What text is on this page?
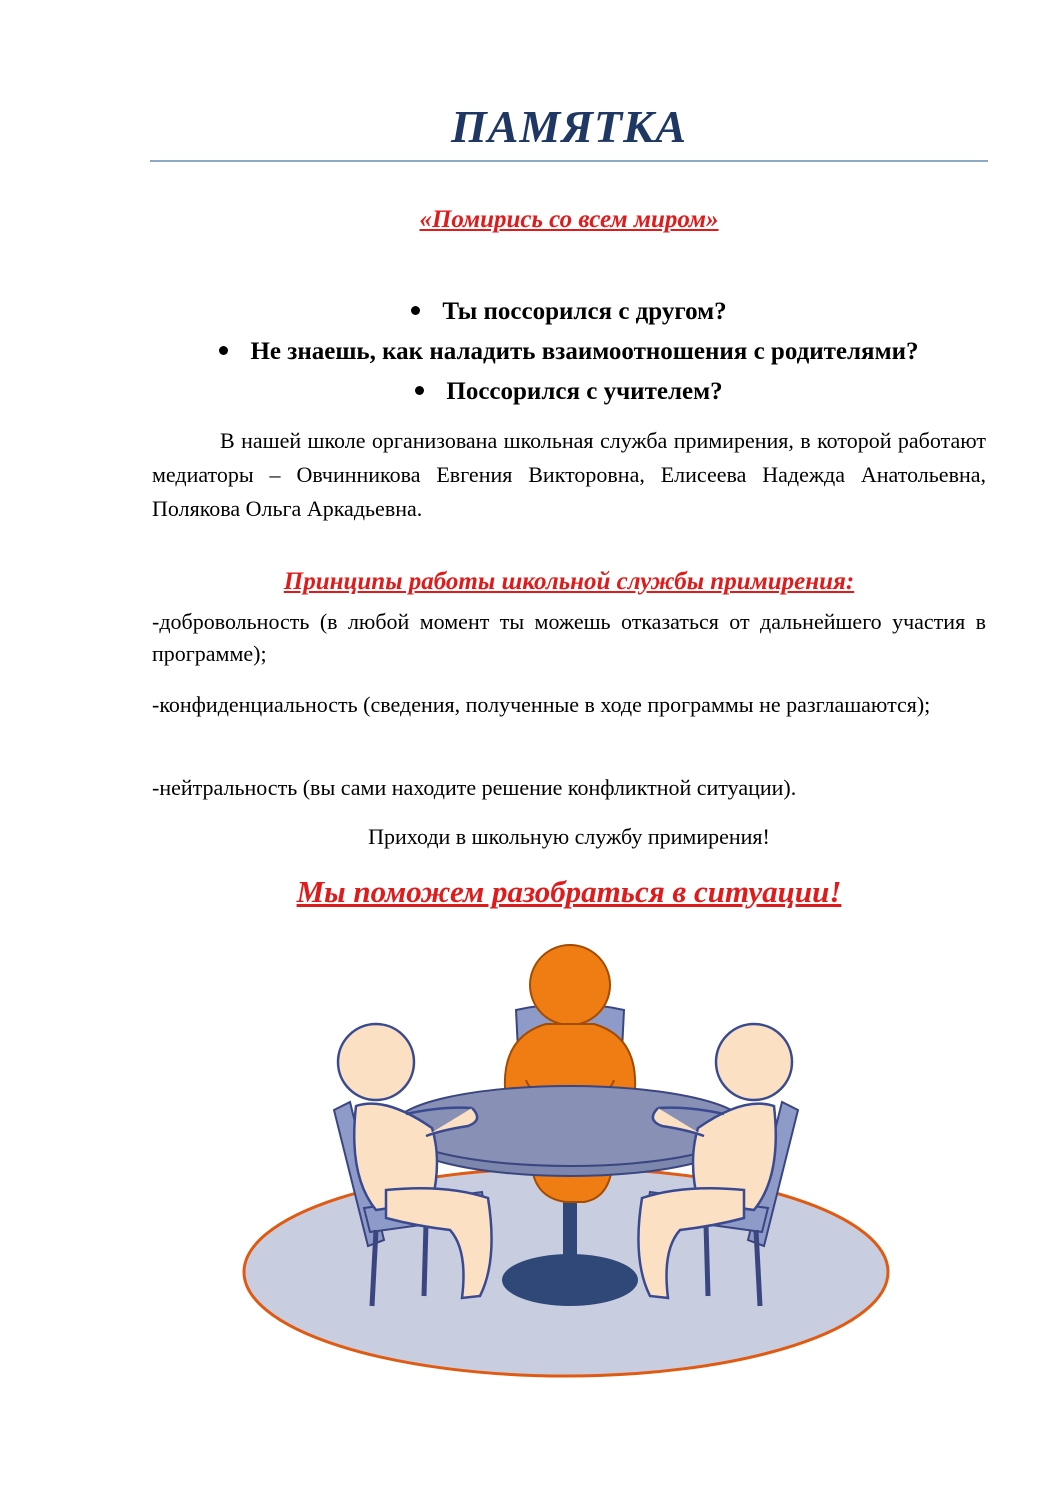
ПАМЯТКА
«Помирись со всем миром»
Ты поссорился с другом?
Не знаешь, как наладить взаимоотношения с родителями?
Поссорился с учителем?

В нашей школе организована школьная служба примирения, в которой работают медиаторы – Овчинникова Евгения Викторовна, Елисеева Надежда Анатольевна, Полякова Ольга Аркадьевна.

Принципы работы школьной службы примирения:

-добровольность (в любой момент ты можешь отказаться от дальнейшего участия в программе);

-конфиденциальность (сведения, полученные в ходе программы не разглашаются);

-нейтральность (вы сами находите решение конфликтной ситуации).

Приходи в школьную службу примирения!
Мы поможем разобраться в ситуации!
